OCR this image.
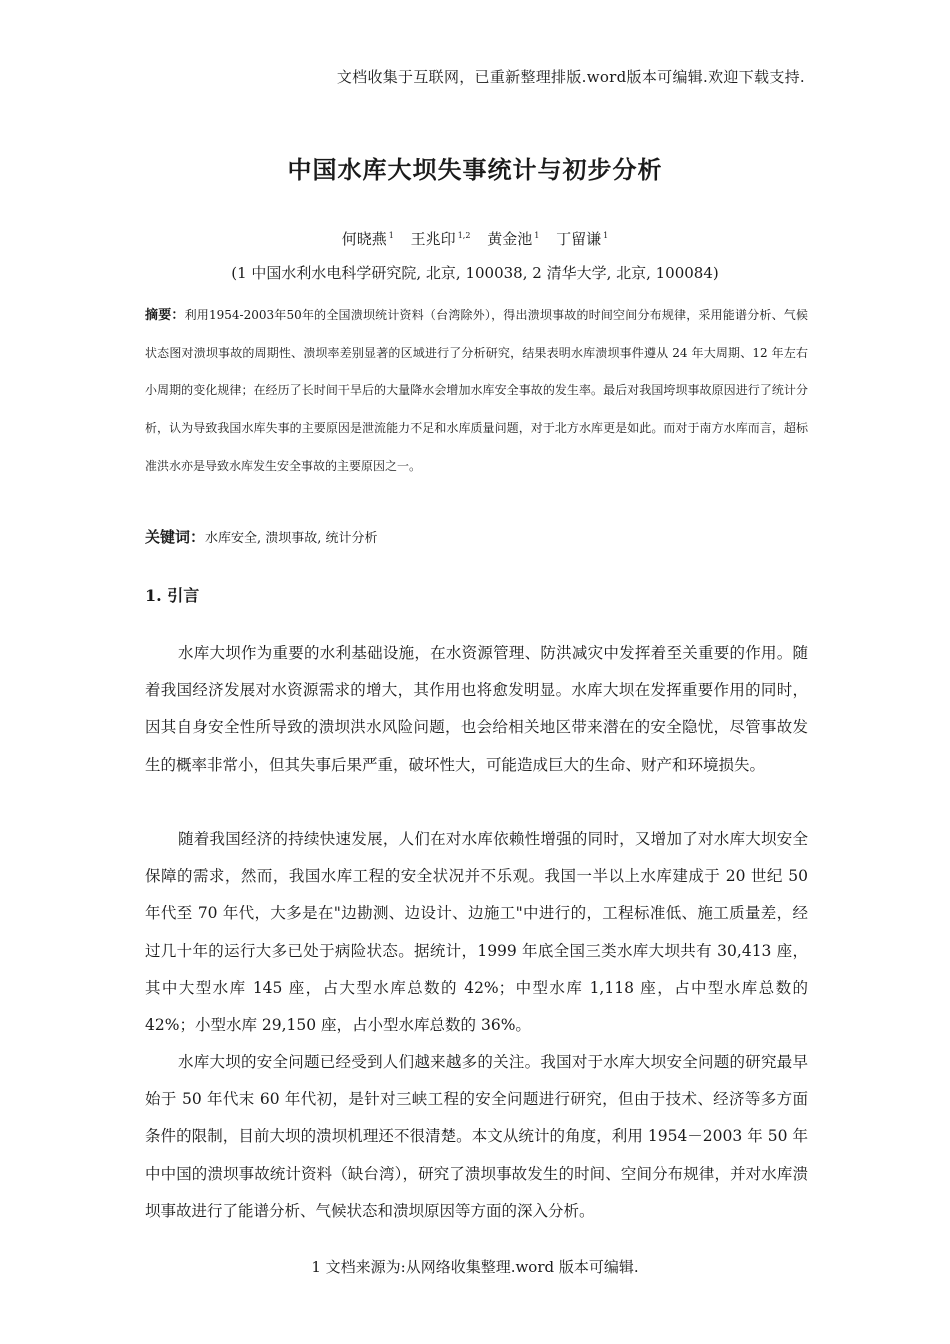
文档收集于互联网，已重新整理排版.word版本可编辑.欢迎下载支持.
中国水库大坝失事统计与初步分析
何晓燕 $^1$ 王兆印 $^{1,2}$ 黄金池 $^1$ 丁留谦 $^1$
(1 中国水利水电科学研究院, 北京, 100038, 2 清华大学, 北京, 100084)
摘要：利用1954-2003年50年的全国溃坝统计资料（台湾除外），得出溃坝事故的时间空间分布规律，采用能谱分析、气候状态图对溃坝事故的周期性、溃坝率差别显著的区域进行了分析研究，结果表明水库溃坝事件遵从 24 年大周期、12 年左右小周期的变化规律；在经历了长时间干旱后的大量降水会增加水库安全事故的发生率。最后对我国垮坝事故原因进行了统计分析，认为导致我国水库失事的主要原因是泄流能力不足和水库质量问题，对于北方水库更是如此。而对于南方水库而言，超标准洪水亦是导致水库发生安全事故的主要原因之一。
关键词：水库安全, 溃坝事故, 统计分析
1. 引言

水库大坝作为重要的水利基础设施，在水资源管理、防洪减灾中发挥着至关重要的作用。随着我国经济发展对水资源需求的增大，其作用也将愈发明显。水库大坝在发挥重要作用的同时，因其自身安全性所导致的溃坝洪水风险问题，也会给相关地区带来潜在的安全隐忧，尽管事故发生的概率非常小，但其失事后果严重，破坏性大，可能造成巨大的生命、财产和环境损失。

随着我国经济的持续快速发展，人们在对水库依赖性增强的同时，又增加了对水库大坝安全保障的需求，然而，我国水库工程的安全状况并不乐观。我国一半以上水库建成于 20 世纪 50 年代至 70 年代，大多是在"边勘测、边设计、边施工"中进行的，工程标准低、施工质量差，经过几十年的运行大多已处于病险状态。据统计，1999 年底全国三类水库大坝共有 30,413 座，其中大型水库 145 座，占大型水库总数的 42%；中型水库 1,118 座，占中型水库总数的 42%；小型水库 29,150 座，占小型水库总数的 36%。

水库大坝的安全问题已经受到人们越来越多的关注。我国对于水库大坝安全问题的研究最早始于 50 年代末 60 年代初，是针对三峡工程的安全问题进行研究，但由于技术、经济等多方面条件的限制，目前大坝的溃坝机理还不很清楚。本文从统计的角度，利用 1954－2003 年 50 年中中国的溃坝事故统计资料（缺台湾），研究了溃坝事故发生的时间、空间分布规律，并对水库溃坝事故进行了能谱分析、气候状态和溃坝原因等方面的深入分析。

1 文档来源为:从网络收集整理.word 版本可编辑.
